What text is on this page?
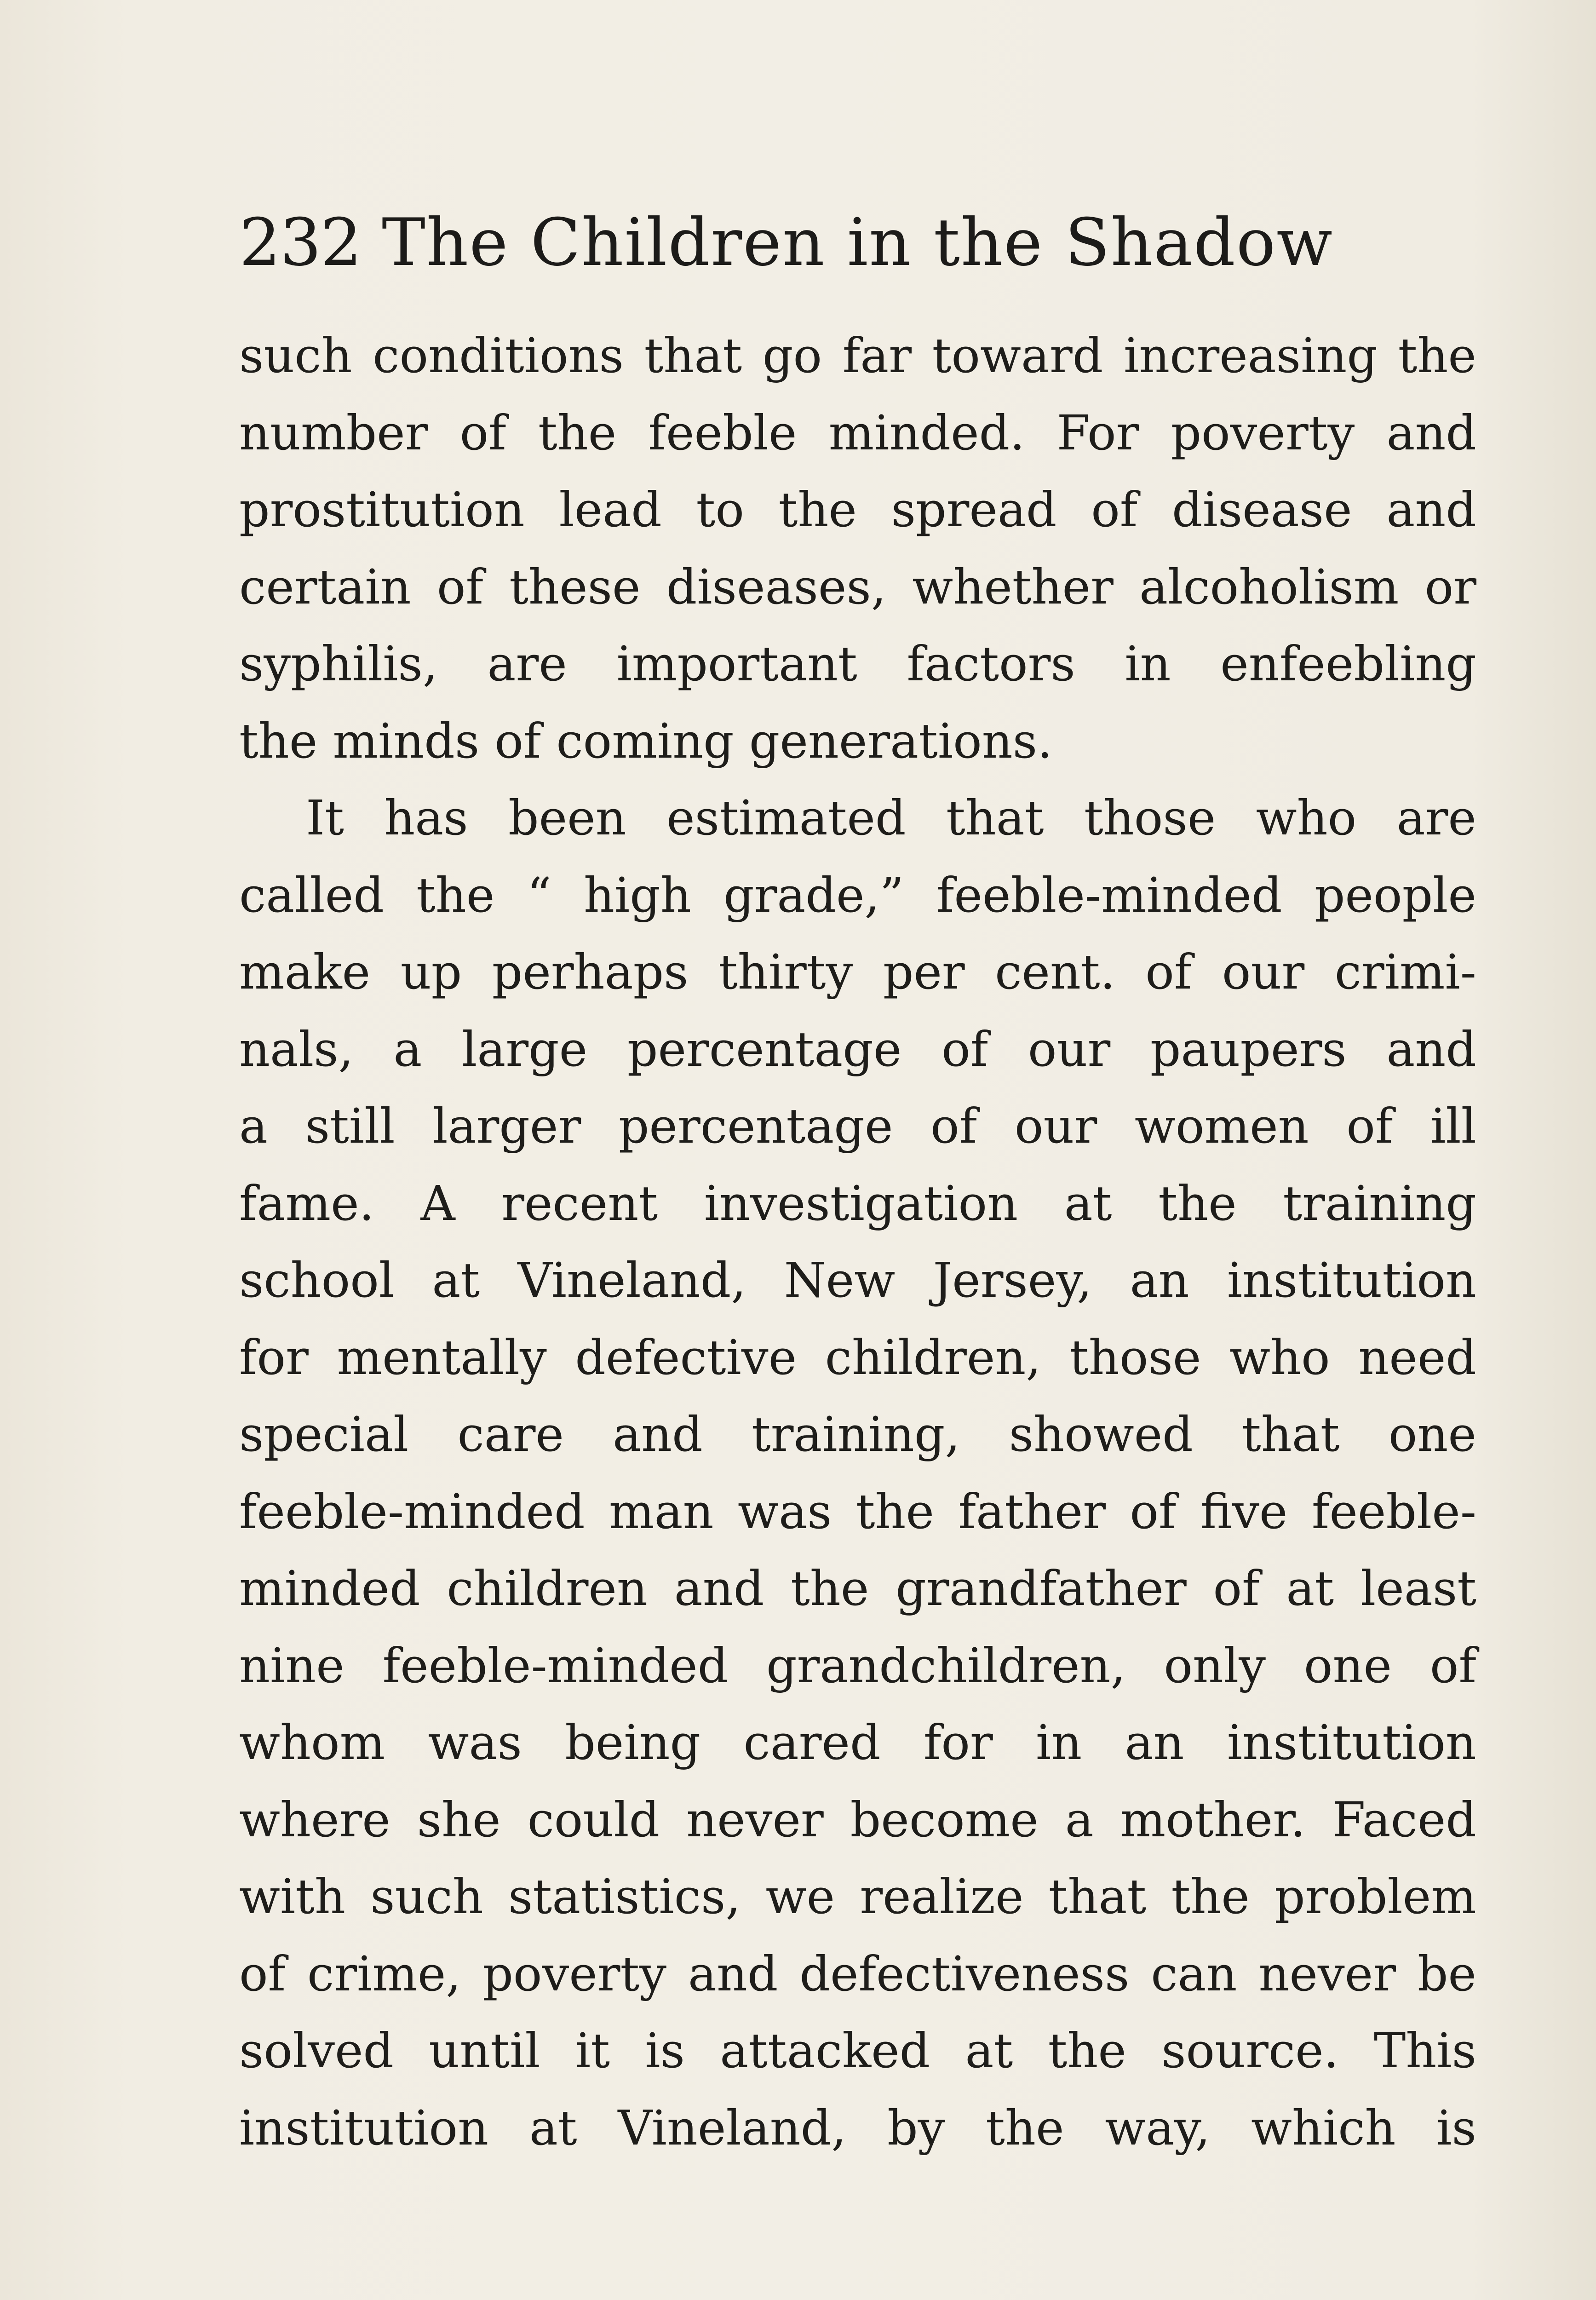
232 The Children in the Shadow
such conditions that go far toward increasing the
number of the feeble minded. For poverty and
prostitution lead to the spread of disease and
certain of these diseases, whether alcoholism or
syphilis, are important factors in enfeebling
the minds of coming generations.
It has been estimated that those who are
called the “ high grade,” feeble-minded people
make up perhaps thirty per cent. of our crimi-
nals, a large percentage of our paupers and
a still larger percentage of our women of ill
fame. A recent investigation at the training
school at Vineland, New Jersey, an institution
for mentally defective children, those who need
special care and training, showed that one
feeble-minded man was the father of five feeble-
minded children and the grandfather of at least
nine feeble-minded grandchildren, only one of
whom was being cared for in an institution
where she could never become a mother. Faced
with such statistics, we realize that the problem
of crime, poverty and defectiveness can never be
solved until it is attacked at the source. This
institution at Vineland, by the way, which is
